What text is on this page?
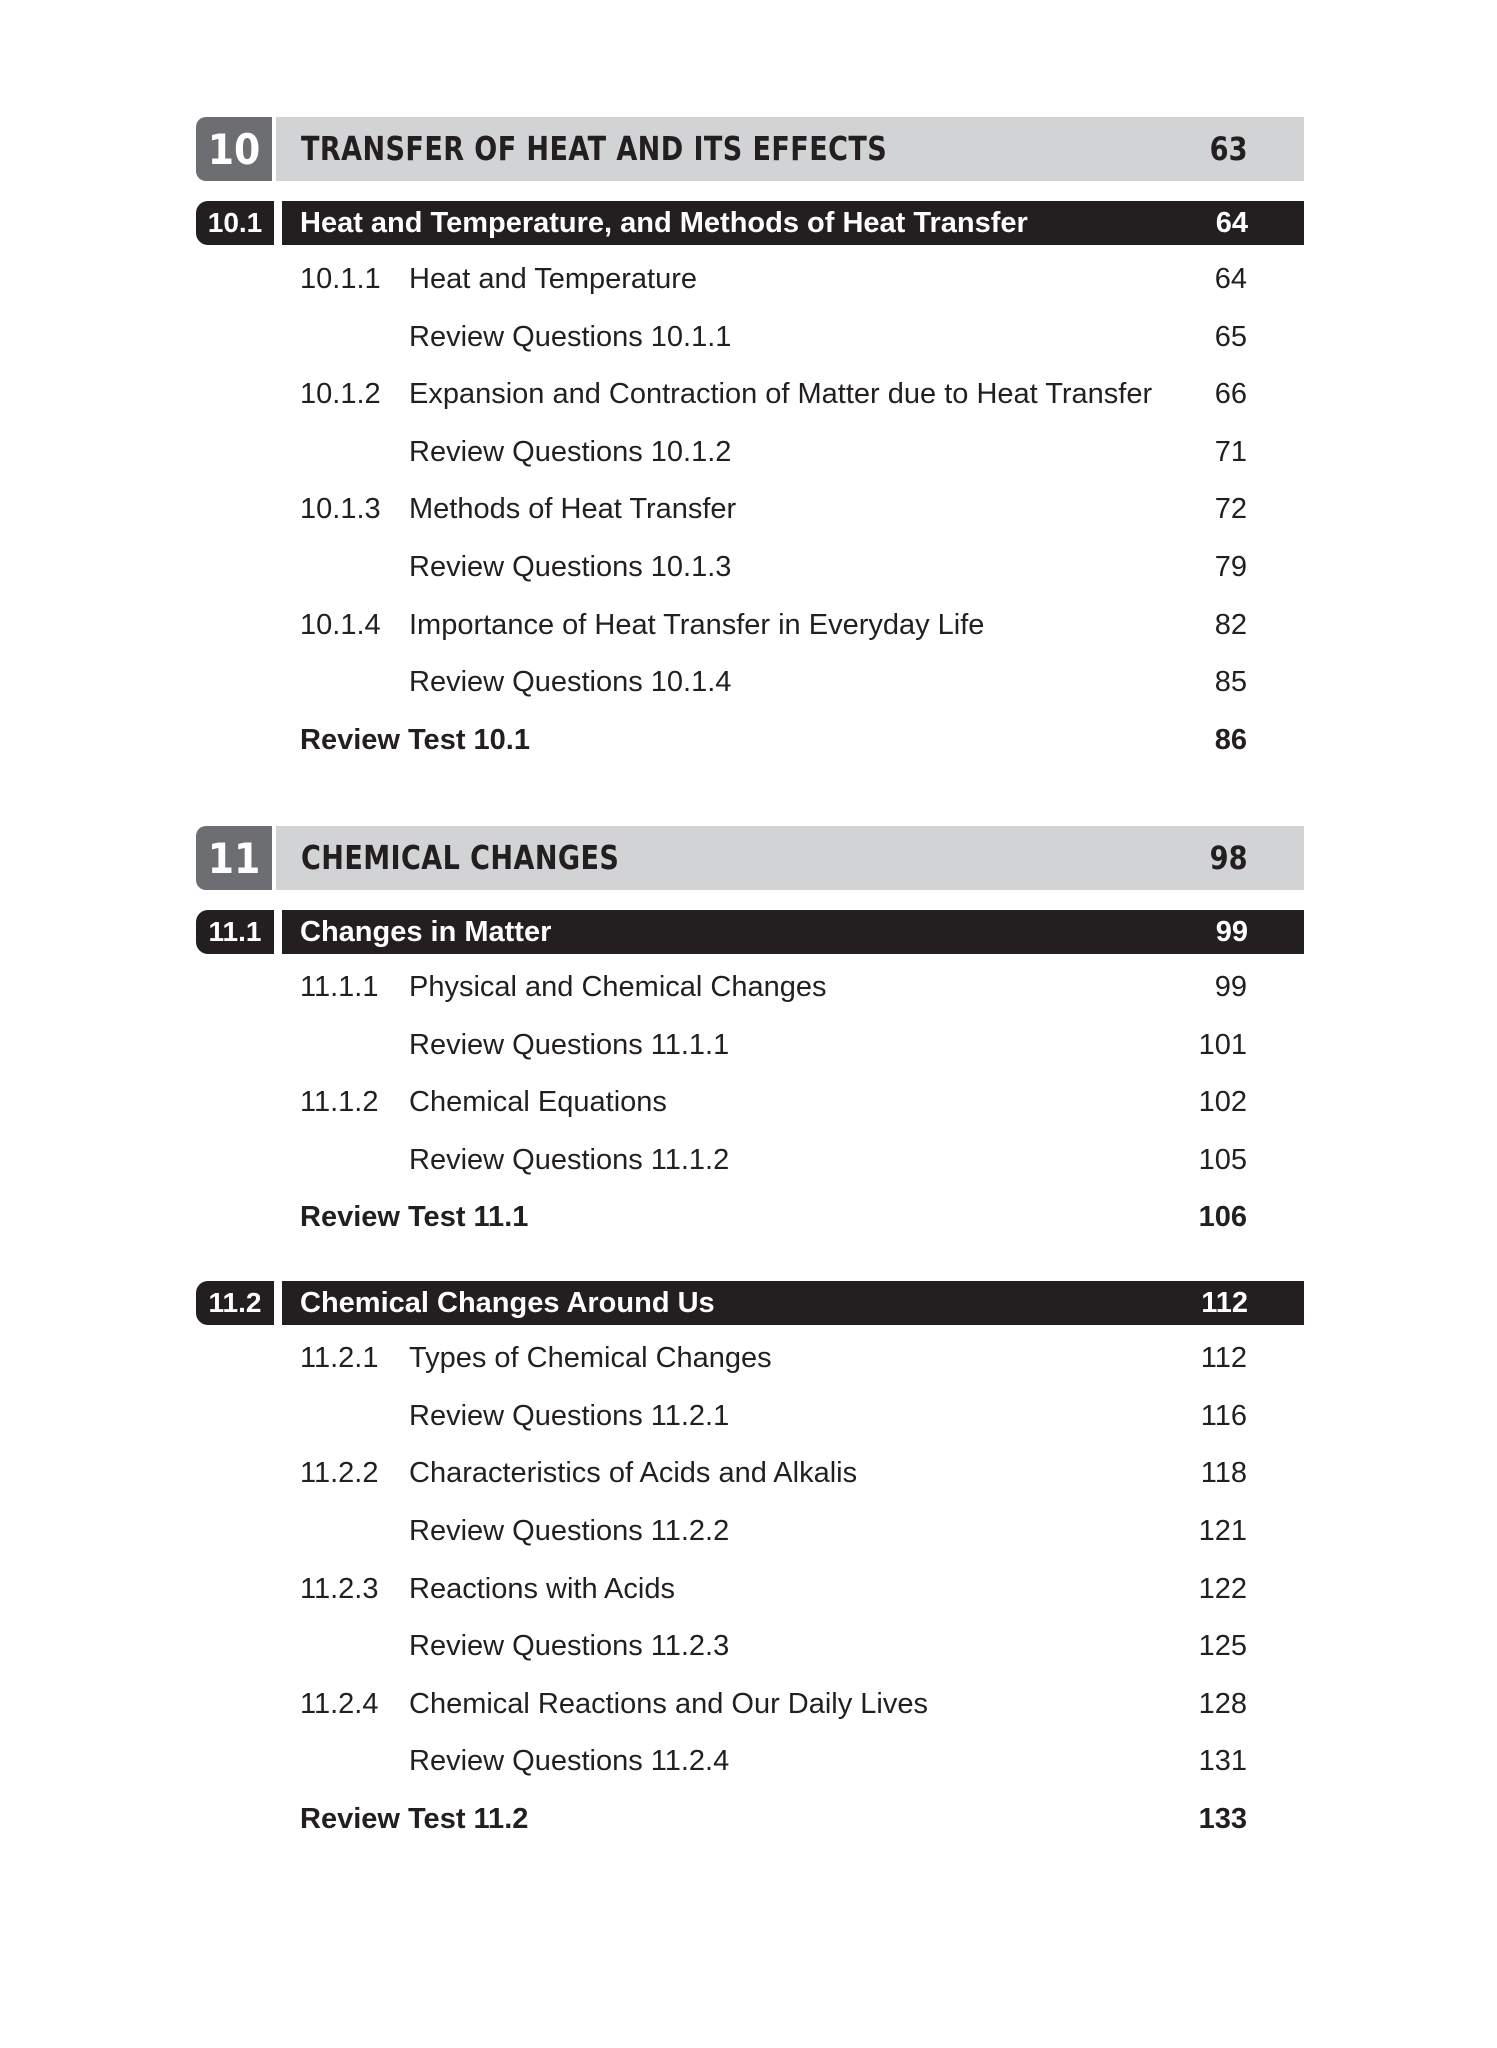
10	TRANSFER OF HEAT AND ITS EFFECTS	63
10.1	Heat and Temperature, and Methods of Heat Transfer	64
10.1.1 Heat and Temperature	64
Review Questions 10.1.1	65
10.1.2 Expansion and Contraction of Matter due to Heat Transfer 66
Review Questions 10.1.2	71
10.1.3 Methods of Heat Transfer	72
Review Questions 10.1.3	79
10.1.4 Importance of Heat Transfer in Everyday Life	82
Review Questions 10.1.4	85
Review Test 10.1	86
11	CHEMICAL CHANGES	98
11.1	Changes in Matter	99
11.1.1 Physical and Chemical Changes	99
Review Questions 11.1.1	101
11.1.2 Chemical Equations	102
Review Questions 11.1.2	105
Review Test 11.1	106
11.2	Chemical Changes Around Us	112
11.2.1 Types of Chemical Changes	112
Review Questions 11.2.1	116
11.2.2 Characteristics of Acids and Alkalis	118
Review Questions 11.2.2	121
11.2.3 Reactions with Acids	122
Review Questions 11.2.3	125
11.2.4 Chemical Reactions and Our Daily Lives	128
Review Questions 11.2.4	131
Review Test 11.2	133
